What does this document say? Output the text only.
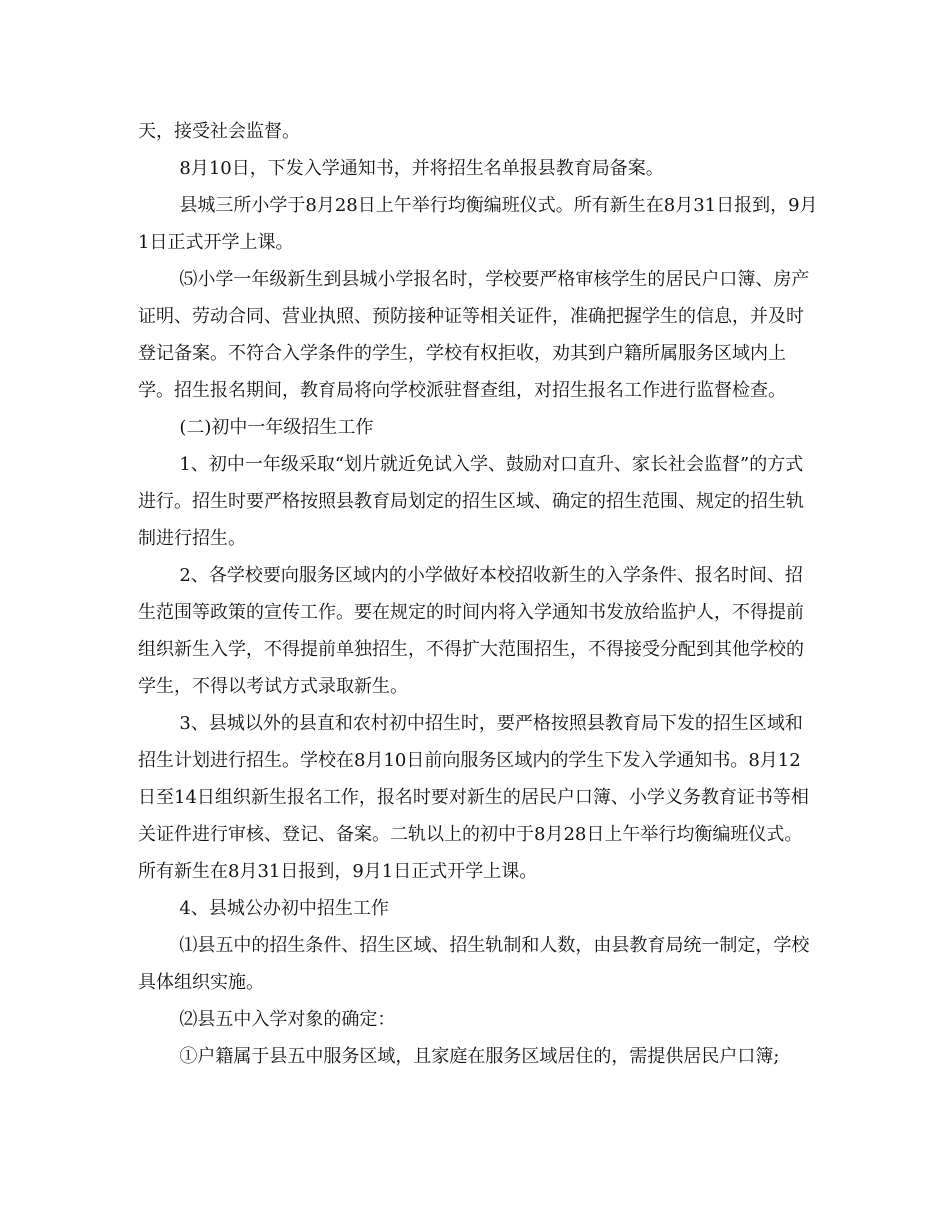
天，接受社会监督。

8月10日，下发入学通知书，并将招生名单报县教育局备案。

县城三所小学于8月28日上午举行均衡编班仪式。所有新生在8月31日报到，9月1日正式开学上课。

⑸小学一年级新生到县城小学报名时，学校要严格审核学生的居民户口簿、房产证明、劳动合同、营业执照、预防接种证等相关证件，准确把握学生的信息，并及时登记备案。不符合入学条件的学生，学校有权拒收，劝其到户籍所属服务区域内上学。招生报名期间，教育局将向学校派驻督查组，对招生报名工作进行监督检查。

(二)初中一年级招生工作

1、初中一年级采取“划片就近免试入学、鼓励对口直升、家长社会监督”的方式进行。招生时要严格按照县教育局划定的招生区域、确定的招生范围、规定的招生轨制进行招生。

2、各学校要向服务区域内的小学做好本校招收新生的入学条件、报名时间、招生范围等政策的宣传工作。要在规定的时间内将入学通知书发放给监护人，不得提前组织新生入学，不得提前单独招生，不得扩大范围招生，不得接受分配到其他学校的学生，不得以考试方式录取新生。

3、县城以外的县直和农村初中招生时，要严格按照县教育局下发的招生区域和招生计划进行招生。学校在8月10日前向服务区域内的学生下发入学通知书。8月12日至14日组织新生报名工作，报名时要对新生的居民户口簿、小学义务教育证书等相关证件进行审核、登记、备案。二轨以上的初中于8月28日上午举行均衡编班仪式。所有新生在8月31日报到，9月1日正式开学上课。

4、县城公办初中招生工作

⑴县五中的招生条件、招生区域、招生轨制和人数，由县教育局统一制定，学校具体组织实施。

⑵县五中入学对象的确定：

①户籍属于县五中服务区域，且家庭在服务区域居住的，需提供居民户口簿;
